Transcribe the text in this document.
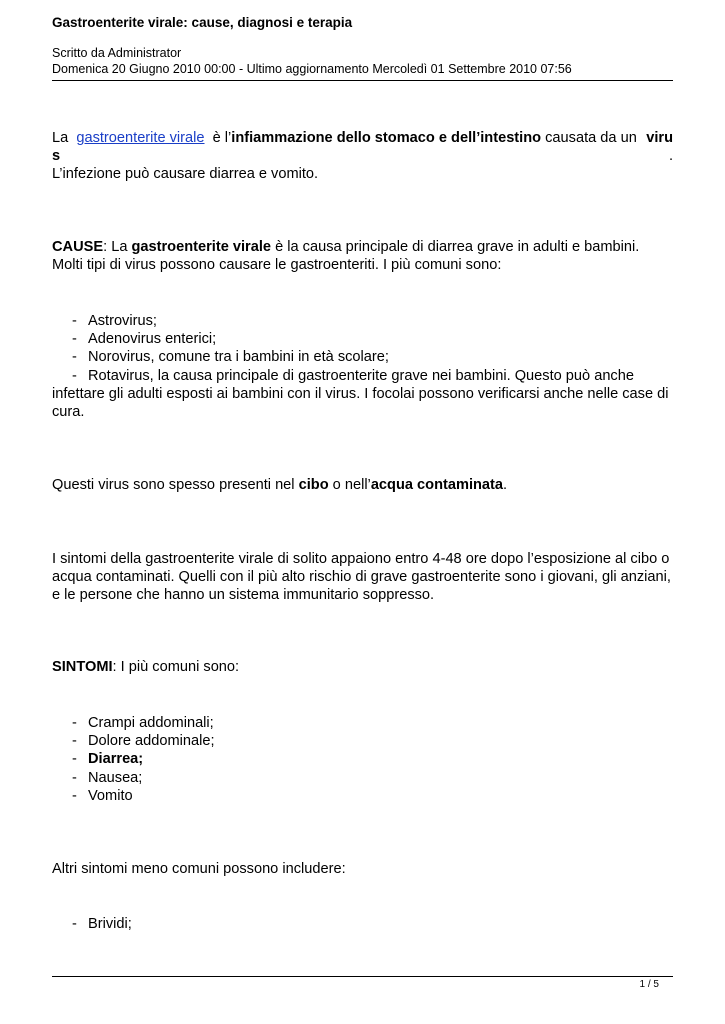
Gastroenterite virale: cause, diagnosi e terapia
Scritto da Administrator
Domenica 20 Giugno 2010 00:00 - Ultimo aggiornamento Mercoledì 01 Settembre 2010 07:56
La gastroenterite virale è l’infiammazione dello stomaco e dell’intestino causata da un viru
s	.
L’infezione può causare diarrea e vomito.
CAUSE: La gastroenterite virale è la causa principale di diarrea grave in adulti e bambini.
Molti tipi di virus possono causare le gastroenteriti. I più comuni sono:
- Astrovirus;
- Adenovirus enterici;
- Norovirus, comune tra i bambini in età scolare;
- Rotavirus, la causa principale di gastroenterite grave nei bambini. Questo può anche
infettare gli adulti esposti ai bambini con il virus. I focolai possono verificarsi anche nelle case di
cura.
Questi virus sono spesso presenti nel cibo o nell’acqua contaminata.
I sintomi della gastroenterite virale di solito appaiono entro 4-48 ore dopo l’esposizione al cibo o
acqua contaminati. Quelli con il più alto rischio di grave gastroenterite sono i giovani, gli anziani,
e le persone che hanno un sistema immunitario soppresso.
SINTOMI: I più comuni sono:
- Crampi addominali;
- Dolore addominale;
- Diarrea;
- Nausea;
- Vomito
Altri sintomi meno comuni possono includere:
- Brividi;
1 / 5
